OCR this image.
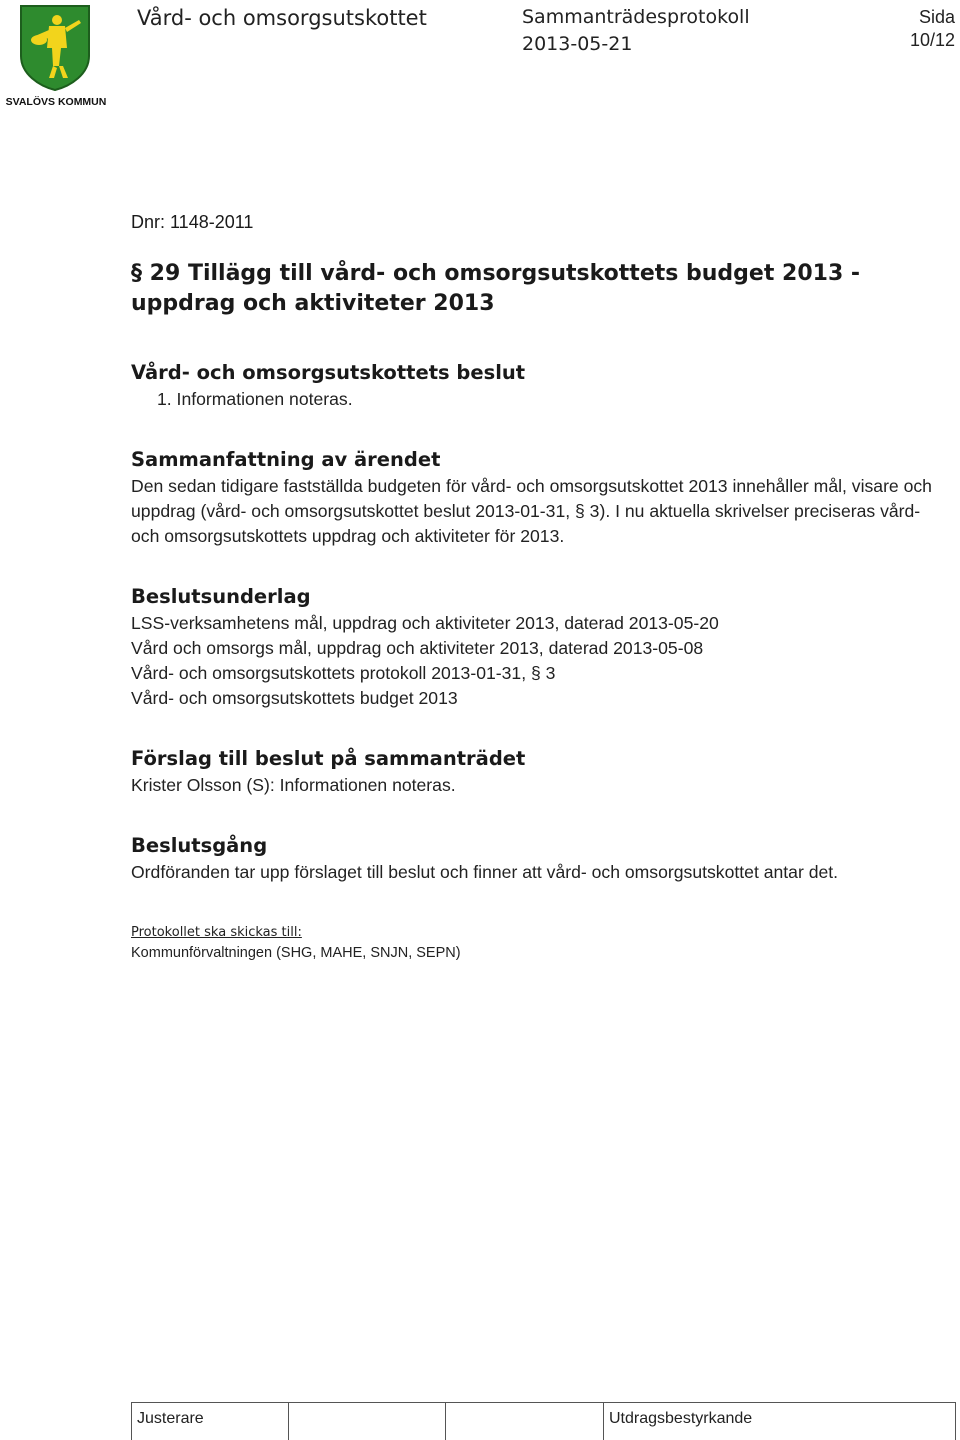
SVALÖVS KOMMUN
Vård- och omsorgsutskottet	Sammanträdesprotokoll
2013-05-21
Sida
10/12

Dnr: 1148-2011

§ 29 Tillägg till vård- och omsorgsutskottets budget 2013 - uppdrag och aktiviteter 2013
Vård- och omsorgsutskottets beslut

1. Informationen noteras.

Sammanfattning av ärendet

Den sedan tidigare fastställda budgeten för vård- och omsorgsutskottet 2013 innehåller mål, visare och uppdrag (vård- och omsorgsutskottet beslut 2013-01-31, § 3). I nu aktuella skrivelser preciseras vård- och omsorgsutskottets uppdrag och aktiviteter för 2013.

Beslutsunderlag

LSS-verksamhetens mål, uppdrag och aktiviteter 2013, daterad 2013-05-20

Vård och omsorgs mål, uppdrag och aktiviteter 2013, daterad 2013-05-08

Vård- och omsorgsutskottets protokoll 2013-01-31, § 3

Vård- och omsorgsutskottets budget 2013

Förslag till beslut på sammanträdet

Krister Olsson (S): Informationen noteras.

Beslutsgång

Ordföranden tar upp förslaget till beslut och finner att vård- och omsorgsutskottet antar det.

Protokollet ska skickas till:

Kommunförvaltningen (SHG, MAHE, SNJN, SEPN)

Justerare	Utdragsbestyrkande
